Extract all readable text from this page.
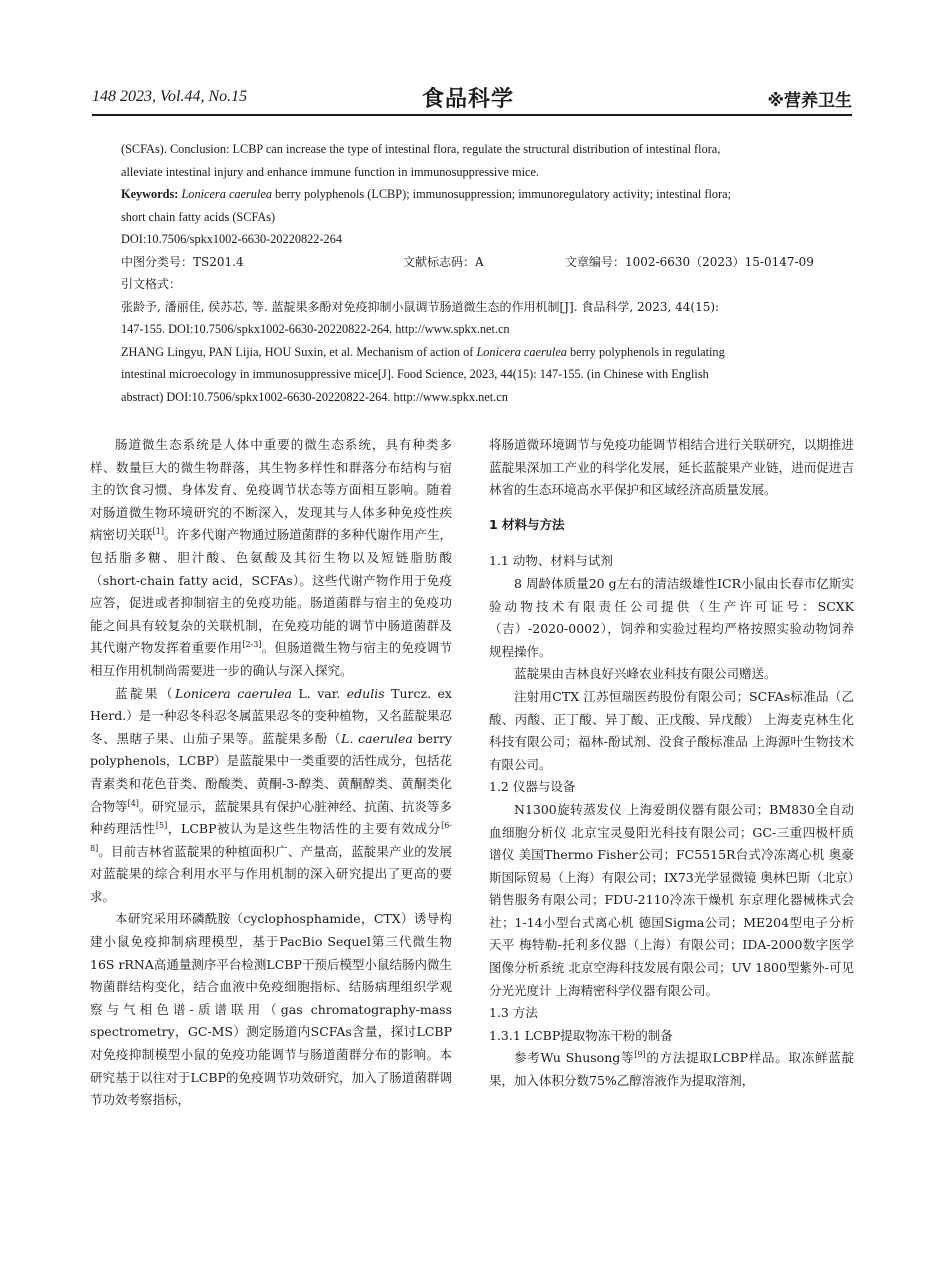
148 2023, Vol.44, No.15	食品科学	※营养卫生

(SCFAs). Conclusion: LCBP can increase the type of intestinal flora, regulate the structural distribution of intestinal flora,

alleviate intestinal injury and enhance immune function in immunosuppressive mice.

Keywords: Lonicera caerulea berry polyphenols (LCBP); immunosuppression; immunoregulatory activity; intestinal flora;

short chain fatty acids (SCFAs)

DOI:10.7506/spkx1002-6630-20220822-264

中图分类号：TS201.4	文献标志码：A	文章编号：1002-6630（2023）15-0147-09

引文格式：

张龄予, 潘丽佳, 侯苏芯, 等. 蓝靛果多酚对免疫抑制小鼠调节肠道微生态的作用机制[J]. 食品科学, 2023, 44(15):

147-155. DOI:10.7506/spkx1002-6630-20220822-264. http://www.spkx.net.cn

ZHANG Lingyu, PAN Lijia, HOU Suxin, et al. Mechanism of action of Lonicera caerulea berry polyphenols in regulating

intestinal microecology in immunosuppressive mice[J]. Food Science, 2023, 44(15): 147-155. (in Chinese with English

abstract) DOI:10.7506/spkx1002-6630-20220822-264. http://www.spkx.net.cn

肠道微生态系统是人体中重要的微生态系统，具有种类多样、数量巨大的微生物群落，其生物多样性和群落分布结构与宿主的饮食习惯、身体发育、免疫调节状态等方面相互影响。随着对肠道微生物环境研究的不断深入，发现其与人体多种免疫性疾病密切关联[1]。许多代谢产物通过肠道菌群的多种代谢作用产生，包括脂多糖、胆汁酸、色氨酸及其衍生物以及短链脂肪酸（short-chain fatty acid，SCFAs）。这些代谢产物作用于免疫应答，促进或者抑制宿主的免疫功能。肠道菌群与宿主的免疫功能之间具有较复杂的关联机制，在免疫功能的调节中肠道菌群及其代谢产物发挥着重要作用[2-3]。但肠道微生物与宿主的免疫调节相互作用机制尚需要进一步的确认与深入探究。

蓝靛果（Lonicera caerulea L. var. edulis Turcz. ex Herd.）是一种忍冬科忍冬属蓝果忍冬的变种植物，又名蓝靛果忍冬、黑瞎子果、山茄子果等。蓝靛果多酚（L. caerulea berry polyphenols，LCBP）是蓝靛果中一类重要的活性成分，包括花青素类和花色苷类、酚酸类、黄酮-3-醇类、黄酮醇类、黄酮类化合物等[4]。研究显示，蓝靛果具有保护心脏神经、抗菌、抗炎等多种药理活性[5]，LCBP被认为是这些生物活性的主要有效成分[6-8]。目前吉林省蓝靛果的种植面积广、产量高，蓝靛果产业的发展对蓝靛果的综合利用水平与作用机制的深入研究提出了更高的要求。

本研究采用环磷酰胺（cyclophosphamide，CTX）诱导构建小鼠免疫抑制病理模型，基于PacBio Sequel第三代微生物16S rRNA高通量测序平台检测LCBP干预后模型小鼠结肠内微生物菌群结构变化，结合血液中免疫细胞指标、结肠病理组织学观察与气相色谱-质谱联用（gas chromatography-mass spectrometry，GC-MS）测定肠道内SCFAs含量，探讨LCBP对免疫抑制模型小鼠的免疫功能调节与肠道菌群分布的影响。本研究基于以往对于LCBP的免疫调节功效研究，加入了肠道菌群调节功效考察指标，

将肠道微环境调节与免疫功能调节相结合进行关联研究，以期推进蓝靛果深加工产业的科学化发展，延长蓝靛果产业链，进而促进吉林省的生态环境高水平保护和区域经济高质量发展。

1 材料与方法

1.1 动物、材料与试剂

8 周龄体质量20 g左右的清洁级雄性ICR小鼠由长春市亿斯实验动物技术有限责任公司提供（生产许可证号：SCXK（吉）-2020-0002），饲养和实验过程均严格按照实验动物饲养规程操作。

蓝靛果由吉林良好兴峰农业科技有限公司赠送。

注射用CTX 江苏恒瑞医药股份有限公司；SCFAs标准品（乙酸、丙酸、正丁酸、异丁酸、正戊酸、异戊酸） 上海麦克林生化科技有限公司；福林-酚试剂、没食子酸标准品 上海源叶生物技术有限公司。

1.2 仪器与设备

N1300旋转蒸发仪 上海爱朗仪器有限公司；BM830全自动血细胞分析仪 北京宝灵曼阳光科技有限公司；GC-三重四极杆质谱仪 美国Thermo Fisher公司；FC5515R台式冷冻离心机 奥豪斯国际贸易（上海）有限公司；IX73光学显微镜 奥林巴斯（北京）销售服务有限公司；FDU-2110冷冻干燥机 东京理化器械株式会社；1-14小型台式离心机 德国Sigma公司；ME204型电子分析天平 梅特勒-托利多仪器（上海）有限公司；IDA-2000数字医学图像分析系统 北京空海科技发展有限公司；UV 1800型紫外-可见分光光度计 上海精密科学仪器有限公司。

1.3 方法

1.3.1 LCBP提取物冻干粉的制备

参考Wu Shusong等[9]的方法提取LCBP样品。取冻鲜蓝靛果，加入体积分数75%乙醇溶液作为提取溶剂，
